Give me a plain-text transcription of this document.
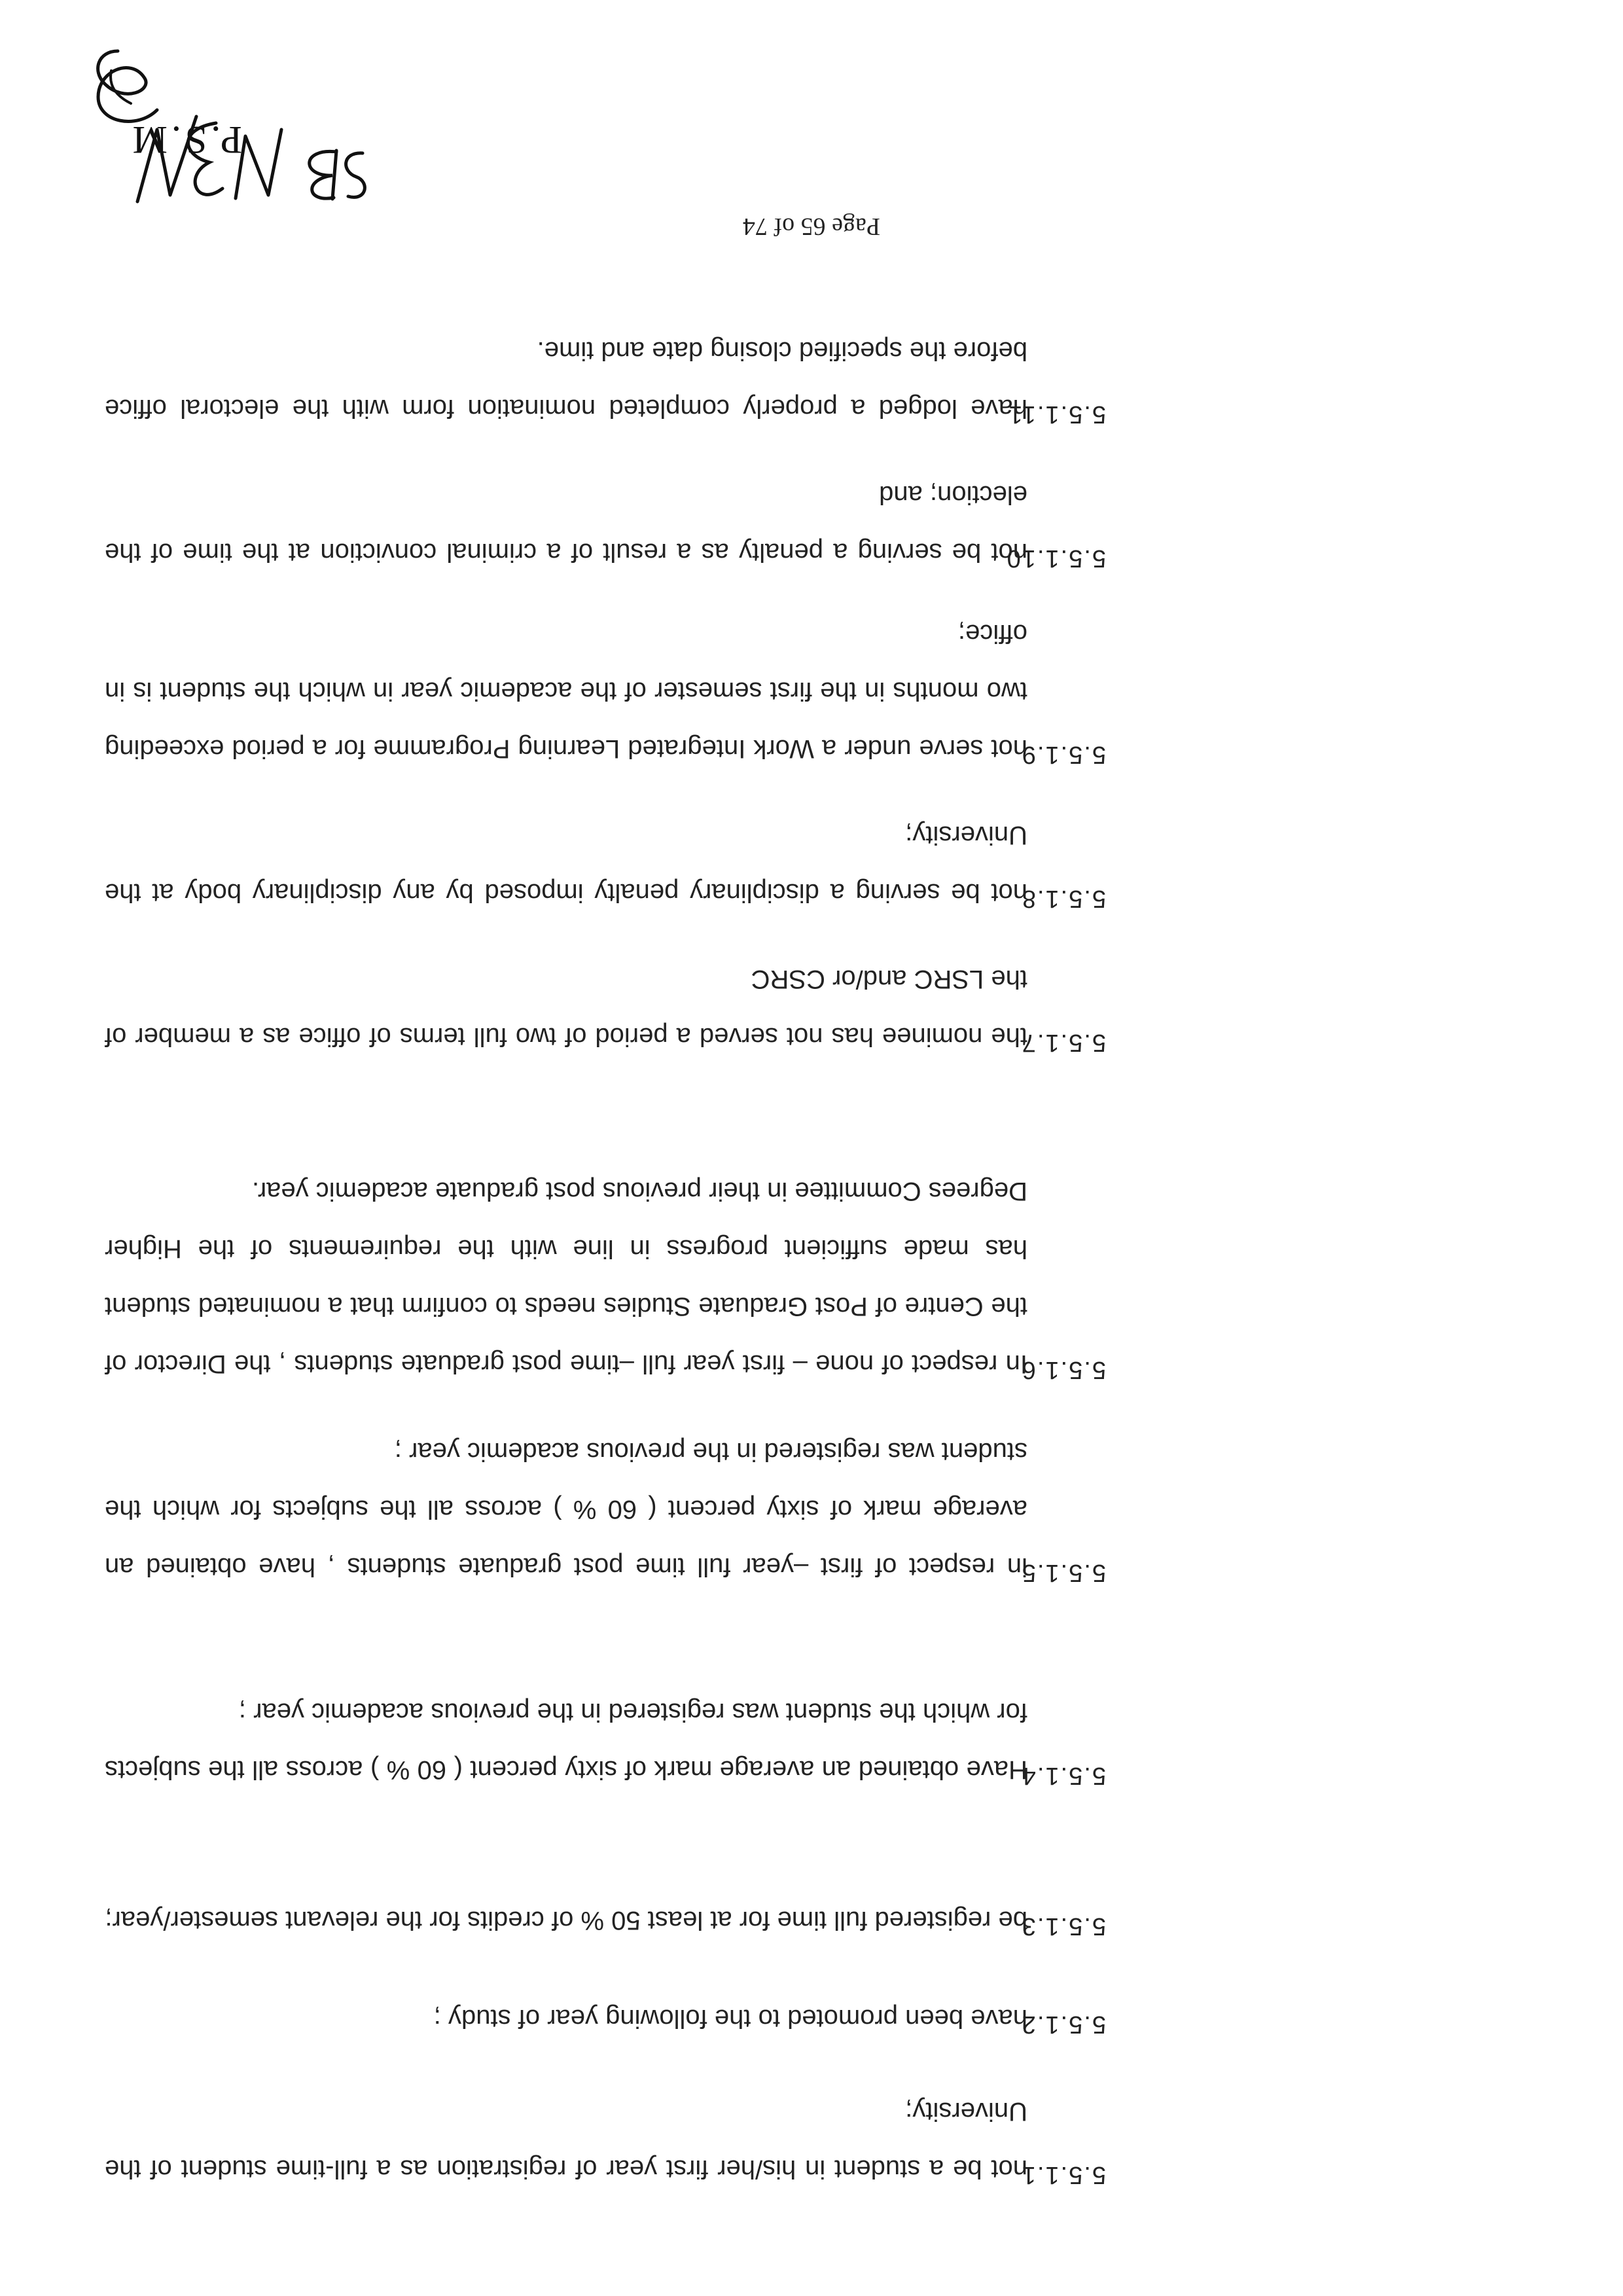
5.5.1.1

not be a student in his/her first year of registration as a full-time student of the University;

5.5.1.2

have been promoted to the following year of study ;

5.5.1.3

be registered full time for at least 50 % of credits for the relevant semester/year;

5.5.1.4

Have obtained an average mark of sixty percent ( 60 % ) across all the subjects for which the student was registered in the previous academic year ;

5.5.1.5

in respect of first –year full time post graduate students , have obtained an average mark of sixty percent ( 60 % ) across all the subjects for which the student was registered in the previous academic year ;

5.5.1.6

In respect of none – first year full –time post graduate students , the Director of the Centre of Post Graduate Studies needs to confirm that a nominated student has made sufficient progress in line with the requirements of the Higher Degrees Committee in their previous post graduate academic year.

5.5.1.7

the nominee has not served a period of two full terms of office as a member of the LSRC and/or CSRC

5.5.1.8

not be serving a disciplinary penalty imposed by any disciplinary body at the University;

5.5.1.9

not serve under a Work Integrated Learning Programme for a period exceeding two months in the first semester of the academic year in which the student is in office;

5.5.1.10

not be serving a penalty as a result of a criminal conviction at the time of the election; and

5.5.1.11

have lodged a properly completed nomination form with the electoral office before the specified closing date and time.

Page 65 of 74
P.S.M
